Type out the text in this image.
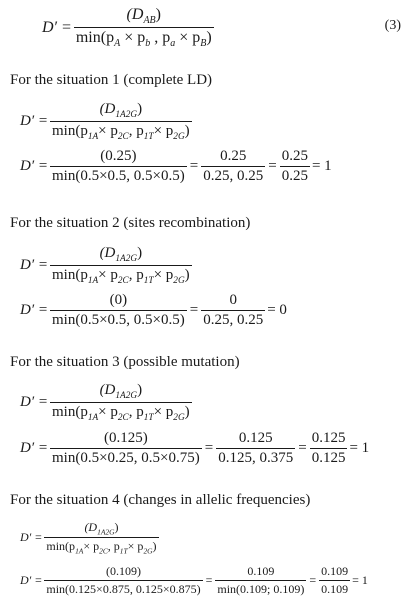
$D' = \frac{(D_{AB})}{\min(p_A \times p_b , p_a \times p_B)}$	(3)
For the situation 1 (complete LD)
$D' = \frac{(D_{1A2G})}{\min(p_{1A}\times p_{2C}, p_{1T}\times p_{2G})}$
$D' = \frac{(0.25)}{\min(0.5\times 0.5, 0.5\times 0.5)} = \frac{0.25}{0.25, 0.25} = \frac{0.25}{0.25} = 1$
For the situation 2 (sites recombination)
$D' = \frac{(D_{1A2G})}{\min(p_{1A}\times p_{2C}, p_{1T}\times p_{2G})}$
$D' = \frac{(0)}{\min(0.5\times 0.5, 0.5\times 0.5)} = \frac{0}{0.25, 0.25} = 0$
For the situation 3 (possible mutation)
$D' = \frac{(D_{1A2G})}{\min(p_{1A}\times p_{2C}, p_{1T}\times p_{2G})}$
$D' = \frac{(0.125)}{\min(0.5\times 0.25, 0.5\times 0.75)} = \frac{0.125}{0.125, 0.375} = \frac{0.125}{0.125} = 1$
For the situation 4 (changes in allelic frequencies)
$D' = \frac{(D_{1A2G})}{\min(p_{1A}\times p_{2C}, p_{1T}\times p_{2G})}$
$D' = \frac{(0.109)}{\min(0.125\times 0.875, 0.125\times 0.875)} = \frac{0.109}{\min(0.109; 0.109)} = \frac{0.109}{0.109} = 1$
